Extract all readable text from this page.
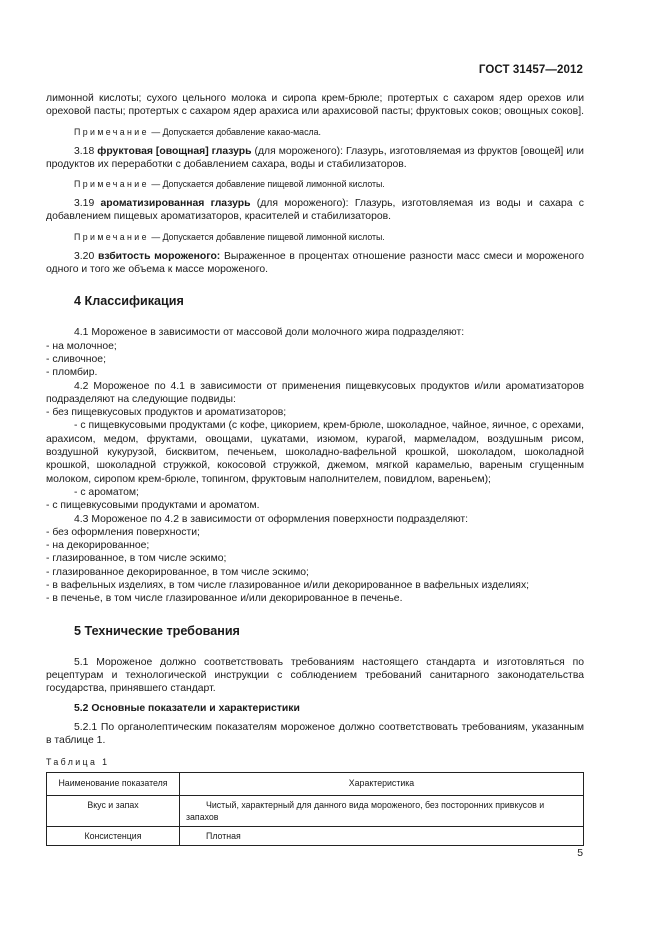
ГОСТ 31457—2012

лимонной кислоты; сухого цельного молока и сиропа крем-брюле; протертых с сахаром ядер орехов или ореховой пасты; протертых с сахаром ядер арахиса или арахисовой пасты; фруктовых соков; овощных соков].

Примечание — Допускается добавление какао-масла.

3.18 фруктовая [овощная] глазурь (для мороженого): Глазурь, изготовляемая из фруктов [овощей] или продуктов их переработки с добавлением сахара, воды и стабилизаторов.

Примечание — Допускается добавление пищевой лимонной кислоты.

3.19 ароматизированная глазурь (для мороженого): Глазурь, изготовляемая из воды и сахара с добавлением пищевых ароматизаторов, красителей и стабилизаторов.

Примечание — Допускается добавление пищевой лимонной кислоты.

3.20 взбитость мороженого: Выраженное в процентах отношение разности масс смеси и мороженого одного и того же объема к массе мороженого.

4 Классификация

4.1 Мороженое в зависимости от массовой доли молочного жира подразделяют:

- на молочное;

- сливочное;

- пломбир.

4.2 Мороженое по 4.1 в зависимости от применения пищевкусовых продуктов и/или ароматизаторов подразделяют на следующие подвиды:

- без пищевкусовых продуктов и ароматизаторов;

- с пищевкусовыми продуктами (с кофе, цикорием, крем-брюле, шоколадное, чайное, яичное, с орехами, арахисом, медом, фруктами, овощами, цукатами, изюмом, курагой, мармеладом, воздушным рисом, воздушной кукурузой, бисквитом, печеньем, шоколадно-вафельной крошкой, шоколадом, шоколадной крошкой, шоколадной стружкой, кокосовой стружкой, джемом, мягкой карамелью, вареным сгущенным молоком, сиропом крем-брюле, топингом, фруктовым наполнителем, повидлом, вареньем);

- с ароматом;

- с пищевкусовыми продуктами и ароматом.

4.3 Мороженое по 4.2 в зависимости от оформления поверхности подразделяют:

- без оформления поверхности;

- на декорированное;

- глазированное, в том числе эскимо;

- глазированное декорированное, в том числе эскимо;

- в вафельных изделиях, в том числе глазированное и/или декорированное в вафельных изделиях;

- в печенье, в том числе глазированное и/или декорированное в печенье.

5 Технические требования

5.1 Мороженое должно соответствовать требованиям настоящего стандарта и изготовляться по рецептурам и технологической инструкции с соблюдением требований санитарного законодательства государства, принявшего стандарт.

5.2 Основные показатели и характеристики

5.2.1 По органолептическим показателям мороженое должно соответствовать требованиям, указанным в таблице 1.

Таблица 1

Наименование показателя	Характеристика
Вкус и запах	Чистый, характерный для данного вида мороженого, без посторонних привкусов и запахов

Консистенция	Плотная
5
